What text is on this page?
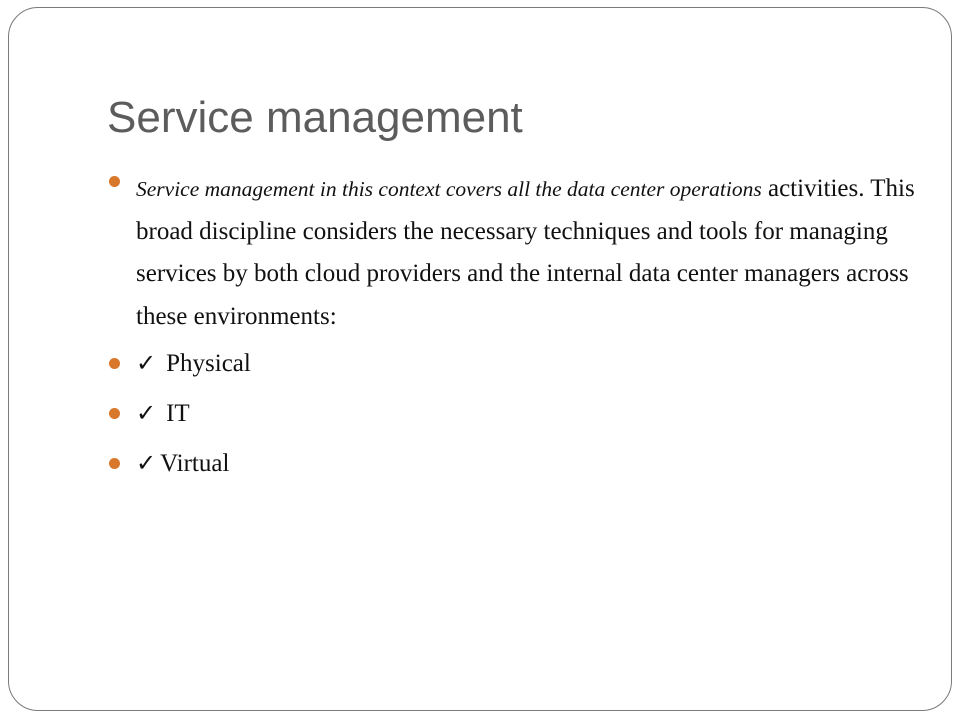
Service management
Service management in this context covers all the data center operations activities. This broad discipline considers the necessary techniques and tools for managing services by both cloud providers and the internal data center managers across these environments:
✓ Physical
✓ IT
✓ Virtual
